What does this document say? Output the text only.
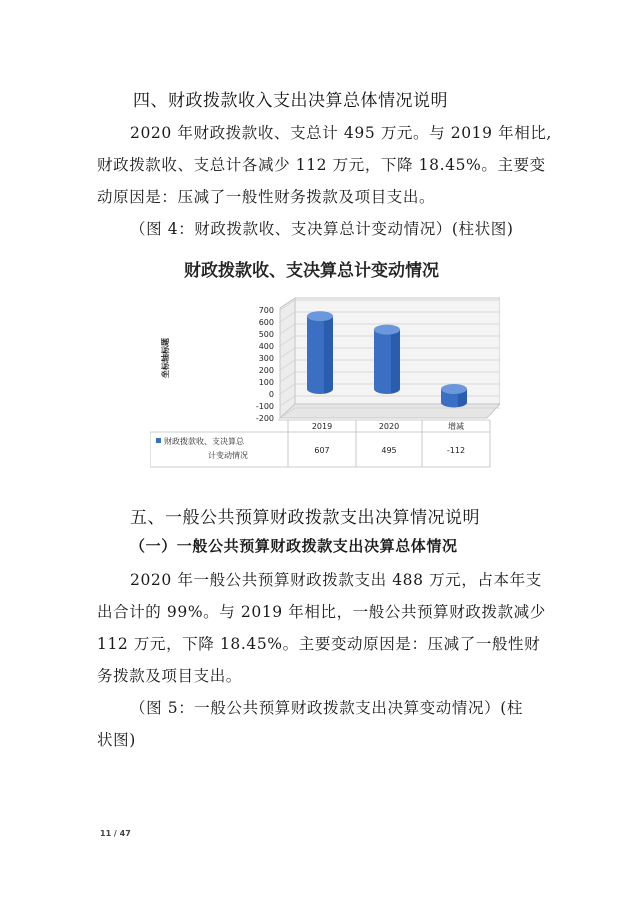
四、财政拨款收入支出决算总体情况说明
2020 年财政拨款收、支总计 495 万元。与 2019 年相比,
财政拨款收、支总计各减少 112 万元，下降 18.45%。主要变
动原因是：压减了一般性财务拨款及项目支出。
（图 4：财政拨款收、支决算总计变动情况）(柱状图)
财政拨款收、支决算总计变动情况
700
600
500
400
300
200
100
0
-100
-200
坐标轴标题
2019	2020	增减
财政拨款收、支决算总
计变动情况
607	495	-112
五、一般公共预算财政拨款支出决算情况说明
（一）一般公共预算财政拨款支出决算总体情况
2020 年一般公共预算财政拨款支出 488 万元，占本年支
出合计的 99%。与 2019 年相比，一般公共预算财政拨款减少
112 万元，下降 18.45%。主要变动原因是：压减了一般性财
务拨款及项目支出。
（图 5：一般公共预算财政拨款支出决算变动情况）(柱
状图)
11 / 47
